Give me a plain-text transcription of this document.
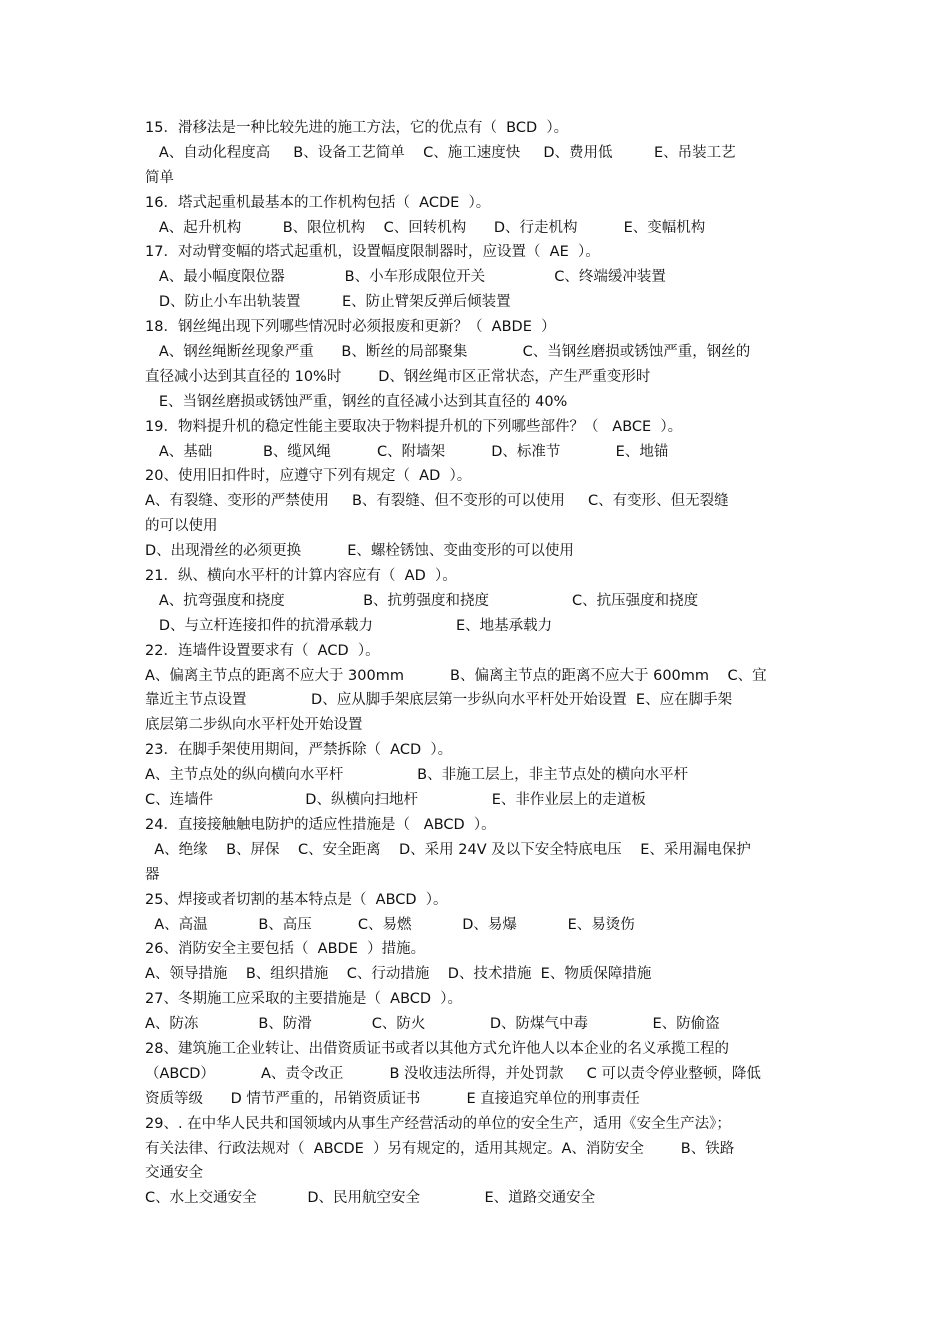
15．滑移法是一种比较先进的施工方法，它的优点有（  BCD  ）。
A、自动化程度高     B、设备工艺简单    C、施工速度快     D、费用低         E、吊装工艺
简单
16．塔式起重机最基本的工作机构包括（  ACDE  ）。
A、起升机构         B、限位机构    C、回转机构      D、行走机构          E、变幅机构
17．对动臂变幅的塔式起重机，设置幅度限制器时，应设置（  AE  ）。
A、最小幅度限位器             B、小车形成限位开关               C、终端缓冲装置
D、防止小车出轨装置         E、防止臂架反弹后倾装置
18．钢丝绳出现下列哪些情况时必须报废和更新？（  ABDE  ）
A、钢丝绳断丝现象严重      B、断丝的局部聚集            C、当钢丝磨损或锈蚀严重，钢丝的
直径减小达到其直径的 10%时        D、钢丝绳市区正常状态，产生严重变形时
E、当钢丝磨损或锈蚀严重，钢丝的直径减小达到其直径的 40%
19．物料提升机的稳定性能主要取决于物料提升机的下列哪些部件？（   ABCE  ）。
A、基础           B、缆风绳          C、附墙架          D、标准节            E、地锚
20、使用旧扣件时，应遵守下列有规定（  AD  ）。
A、有裂缝、变形的严禁使用     B、有裂缝、但不变形的可以使用     C、有变形、但无裂缝
的可以使用
D、出现滑丝的必须更换          E、螺栓锈蚀、变曲变形的可以使用
21．纵、横向水平杆的计算内容应有（  AD  ）。
A、抗弯强度和挠度                 B、抗剪强度和挠度                  C、抗压强度和挠度
D、与立杆连接扣件的抗滑承载力                  E、地基承载力
22．连墙件设置要求有（  ACD  ）。
A、偏离主节点的距离不应大于 300mm          B、偏离主节点的距离不应大于 600mm    C、宜
靠近主节点设置              D、应从脚手架底层第一步纵向水平杆处开始设置  E、应在脚手架
底层第二步纵向水平杆处开始设置
23．在脚手架使用期间，严禁拆除（  ACD  ）。
A、主节点处的纵向横向水平杆                B、非施工层上，非主节点处的横向水平杆
C、连墙件                    D、纵横向扫地杆                E、非作业层上的走道板
24．直接接触触电防护的适应性措施是（   ABCD  ）。
A、绝缘    B、屏保    C、安全距离    D、采用 24V 及以下安全特底电压    E、采用漏电保护
器
25、焊接或者切割的基本特点是（  ABCD  ）。
A、高温           B、高压          C、易燃           D、易爆           E、易烫伤
26、消防安全主要包括（  ABDE  ）措施。
A、领导措施    B、组织措施    C、行动措施    D、技术措施  E、物质保障措施
27、冬期施工应采取的主要措施是（  ABCD  ）。
A、防冻             B、防滑             C、防火              D、防煤气中毒              E、防偷盗
28、建筑施工企业转让、出借资质证书或者以其他方式允许他人以本企业的名义承揽工程的
（ABCD）          A、责令改正          B 没收违法所得，并处罚款     C 可以责令停业整顿，降低
资质等级      D 情节严重的，吊销资质证书          E 直接追究单位的刑事责任
29、. 在中华人民共和国领域内从事生产经营活动的单位的安全生产，适用《安全生产法》；
有关法律、行政法规对（  ABCDE  ）另有规定的，适用其规定。A、消防安全        B、铁路
交通安全
C、水上交通安全           D、民用航空安全              E、道路交通安全
